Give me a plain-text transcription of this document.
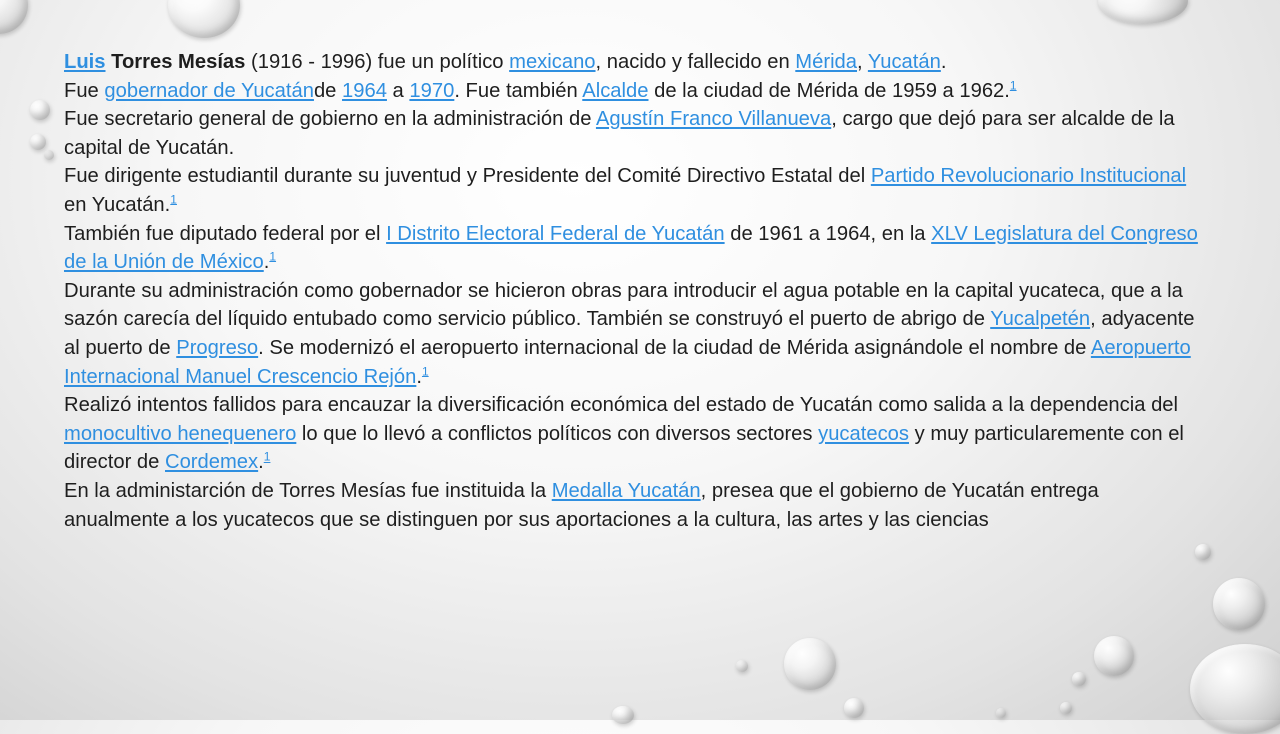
Luis Torres Mesías (1916 - 1996) fue un político mexicano, nacido y fallecido en Mérida, Yucatán.
Fue gobernador de Yucatánde 1964 a 1970. Fue también Alcalde de la ciudad de Mérida de 1959 a 1962.$^1$
Fue secretario general de gobierno en la administración de Agustín Franco Villanueva, cargo que dejó para ser alcalde de la capital de Yucatán.

Fue dirigente estudiantil durante su juventud y Presidente del Comité Directivo Estatal del Partido Revolucionario Institucional en Yucatán.$^1$

También fue diputado federal por el I Distrito Electoral Federal de Yucatán de 1961 a 1964, en la XLV Legislatura del Congreso de la Unión de México.$^1$

Durante su administración como gobernador se hicieron obras para introducir el agua potable en la capital yucateca, que a la sazón carecía del líquido entubado como servicio público. También se construyó el puerto de abrigo de Yucalpetén, adyacente al puerto de Progreso. Se modernizó el aeropuerto internacional de la ciudad de Mérida asignándole el nombre de Aeropuerto Internacional Manuel Crescencio Rejón.$^1$

Realizó intentos fallidos para encauzar la diversificación económica del estado de Yucatán como salida a la dependencia del monocultivo henequenero lo que lo llevó a conflictos políticos con diversos sectores yucatecos y muy particularemente con el director de Cordemex.$^1$

En la administarción de Torres Mesías fue instituida la Medalla Yucatán, presea que el gobierno de Yucatán entrega anualmente a los yucatecos que se distinguen por sus aportaciones a la cultura, las artes y las ciencias
